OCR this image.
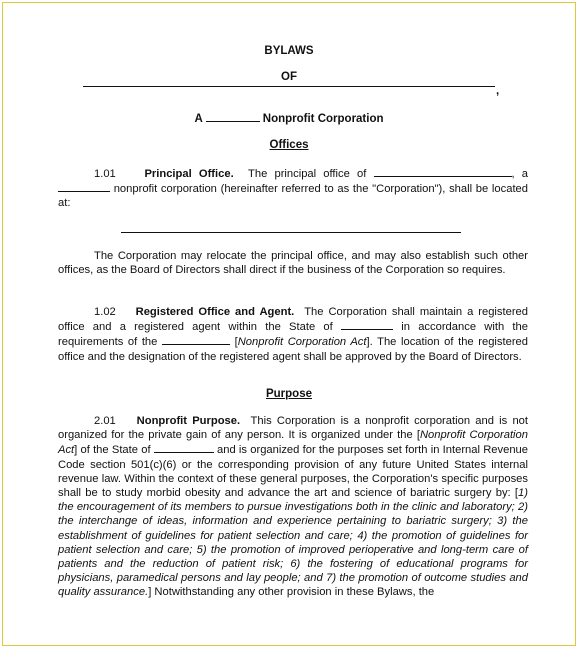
BYLAWS
OF
,
A	Nonprofit Corporation
Offices

1.01	Principal Office. The principal office of	, a  nonprofit corporation (hereinafter referred to as the "Corporation"), shall be located at:

The Corporation may relocate the principal office, and may also establish such other offices, as the Board of Directors shall direct if the business of the Corporation so requires.

1.02 Registered Office and Agent. The Corporation shall maintain a registered office and a registered agent within the State of	in accordance with the requirements of the	[Nonprofit Corporation Act]. The location of the registered office and the designation of the registered agent shall be approved by the Board of Directors.

Purpose

2.01 Nonprofit Purpose. This Corporation is a nonprofit corporation and is not organized for the private gain of any person. It is organized under the [Nonprofit Corporation Act] of the State of	and is organized for the purposes set forth in Internal Revenue Code section 501(c)(6) or the corresponding provision of any future United States internal revenue law. Within the context of these general purposes, the Corporation's specific purposes shall be to study morbid obesity and advance the art and science of bariatric surgery by: [1) the encouragement of its members to pursue investigations both in the clinic and laboratory; 2) the interchange of ideas, information and experience pertaining to bariatric surgery; 3) the establishment of guidelines for patient selection and care; 4) the promotion of guidelines for patient selection and care; 5) the promotion of improved perioperative and long-term care of patients and the reduction of patient risk; 6) the fostering of educational programs for physicians, paramedical persons and lay people; and 7) the promotion of outcome studies and quality assurance.] Notwithstanding any other provision in these Bylaws, the
